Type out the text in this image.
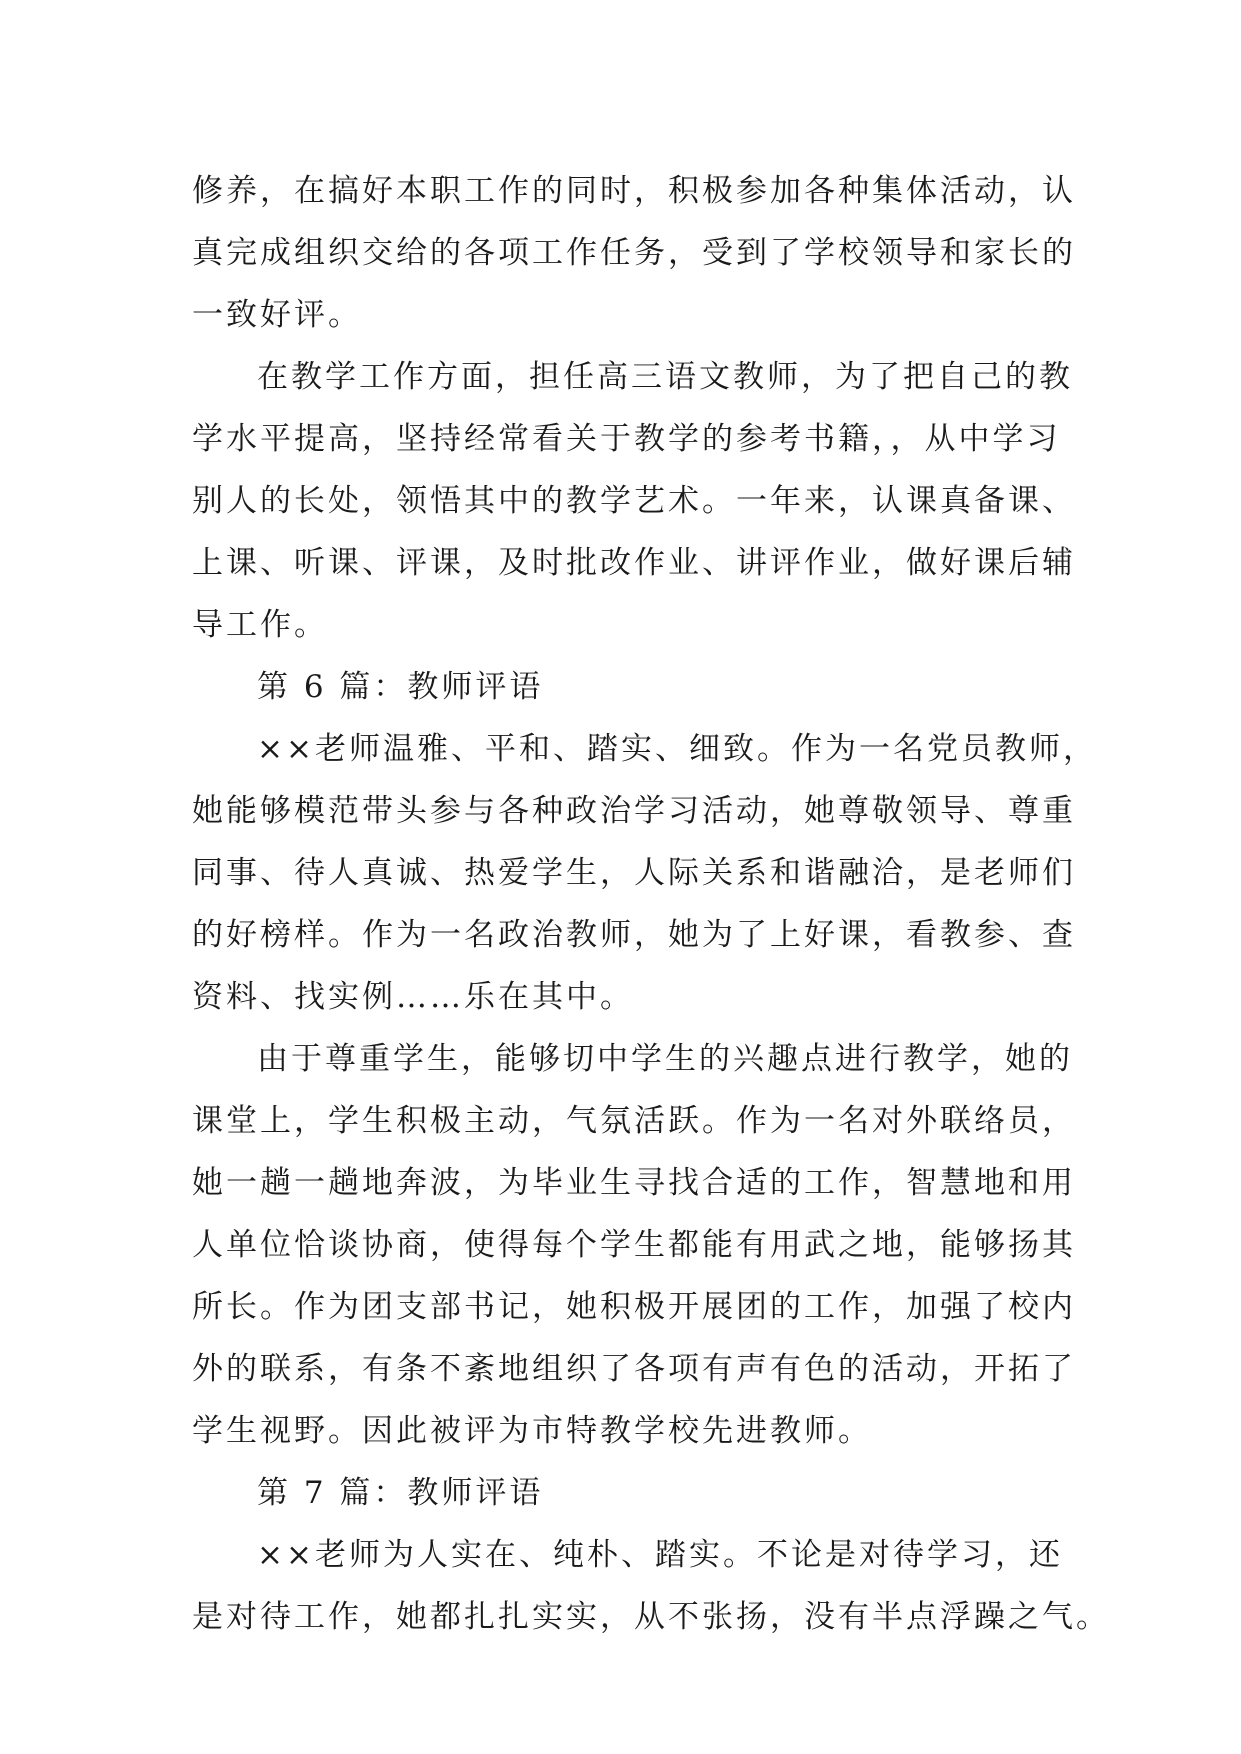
修养，在搞好本职工作的同时，积极参加各种集体活动，认
真完成组织交给的各项工作任务，受到了学校领导和家长的
一致好评。
在教学工作方面，担任高三语文教师，为了把自己的教
学水平提高，坚持经常看关于教学的参考书籍，，从中学习
别人的长处，领悟其中的教学艺术。一年来，认课真备课、
上课、听课、评课，及时批改作业、讲评作业，做好课后辅
导工作。
第 6 篇：教师评语
××老师温雅、平和、踏实、细致。作为一名党员教师，
她能够模范带头参与各种政治学习活动，她尊敬领导、尊重
同事、待人真诚、热爱学生，人际关系和谐融洽，是老师们
的好榜样。作为一名政治教师，她为了上好课，看教参、查
资料、找实例……乐在其中。
由于尊重学生，能够切中学生的兴趣点进行教学，她的
课堂上，学生积极主动，气氛活跃。作为一名对外联络员，
她一趟一趟地奔波，为毕业生寻找合适的工作，智慧地和用
人单位恰谈协商，使得每个学生都能有用武之地，能够扬其
所长。作为团支部书记，她积极开展团的工作，加强了校内
外的联系，有条不紊地组织了各项有声有色的活动，开拓了
学生视野。因此被评为市特教学校先进教师。
第 7 篇：教师评语
××老师为人实在、纯朴、踏实。不论是对待学习，还
是对待工作，她都扎扎实实，从不张扬，没有半点浮躁之气。
